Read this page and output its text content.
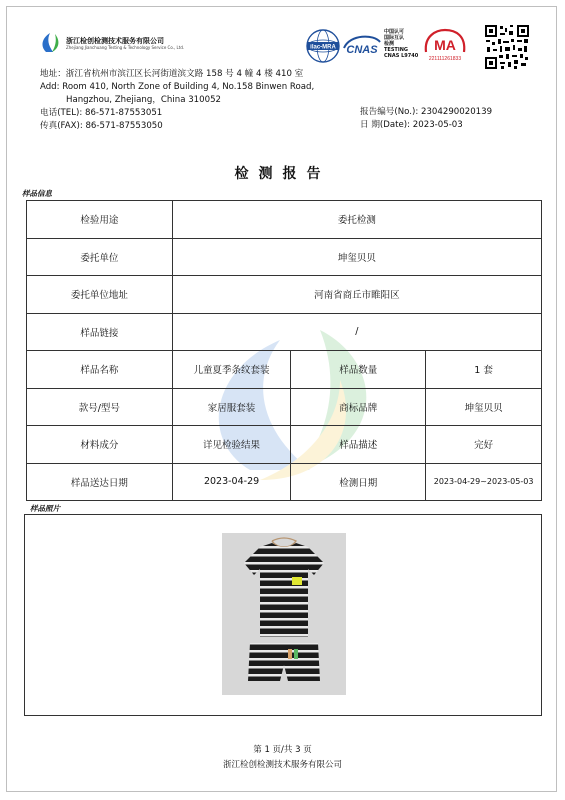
浙江检创检测技术服务有限公司
Zhejiang Jianchuang Testing & Technology Service Co., Ltd.	ilac-MRA CNAS
中国认可
国际互认
检测
TESTING
CNAS L9740
MA
221111261833
地址：浙江省杭州市滨江区长河街道滨文路 158 号 4 幢 4 楼 410 室
Add: Room 410, North Zone of Building 4, No.158 Binwen Road,
Hangzhou, Zhejiang，China 310052
电话(TEL): 86-571-87553051
传真(FAX): 86-571-87553050
报告编号(No.): 2304290020139
日 期(Date): 2023-05-03
检测报告
样品信息
检验用途	委托检测		
委托单位	坤玺贝贝		
委托单位地址	河南省商丘市睢阳区		
样品链接	/		
样品名称	儿童夏季条纹套装	样品数量	1 套
款号/型号	家居服套装	商标品牌	坤玺贝贝
材料成分	详见检验结果	样品描述	完好
样品送达日期	2023-04-29	检测日期	2023-04-29~2023-05-03
样品照片
第 1 页/共 3 页
浙江检创检测技术服务有限公司
